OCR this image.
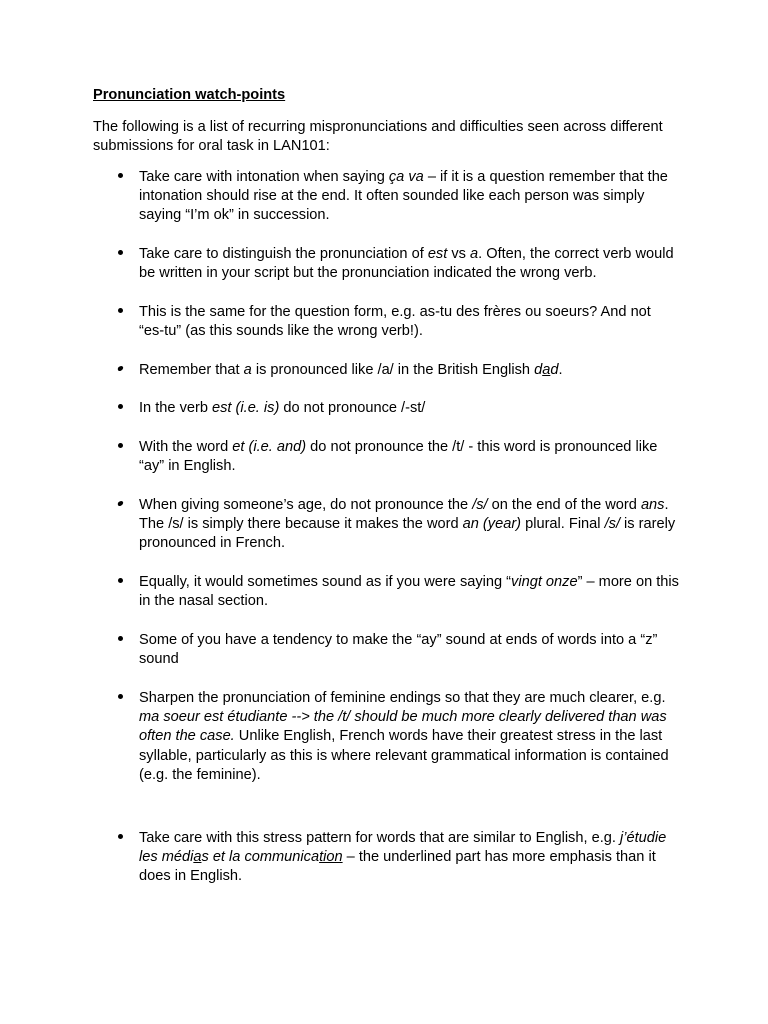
Pronunciation watch-points
The following is a list of recurring mispronunciations and difficulties seen across different submissions for oral task in LAN101:
Take care with intonation when saying ça va – if it is a question remember that the intonation should rise at the end. It often sounded like each person was simply saying “I’m ok” in succession.
Take care to distinguish the pronunciation of est vs a. Often, the correct verb would be written in your script but the pronunciation indicated the wrong verb.
This is the same for the question form, e.g. as-tu des frères ou soeurs? And not “es-tu” (as this sounds like the wrong verb!).
Remember that a is pronounced like /a/ in the British English dad.
In the verb est (i.e. is) do not pronounce /-st/
With the word et (i.e. and) do not pronounce the /t/ - this word is pronounced like “ay” in English.
When giving someone’s age, do not pronounce the /s/ on the end of the word ans. The /s/ is simply there because it makes the word an (year) plural. Final /s/ is rarely pronounced in French.
Equally, it would sometimes sound as if you were saying “vingt onze” – more on this in the nasal section.
Some of you have a tendency to make the “ay” sound at ends of words into a “z” sound
Sharpen the pronunciation of feminine endings so that they are much clearer, e.g. ma soeur est étudiante --> the /t/ should be much more clearly delivered than was often the case. Unlike English, French words have their greatest stress in the last syllable, particularly as this is where relevant grammatical information is contained (e.g. the feminine).
Take care with this stress pattern for words that are similar to English, e.g. j’étudie les médias et la communication – the underlined part has more emphasis than it does in English.
